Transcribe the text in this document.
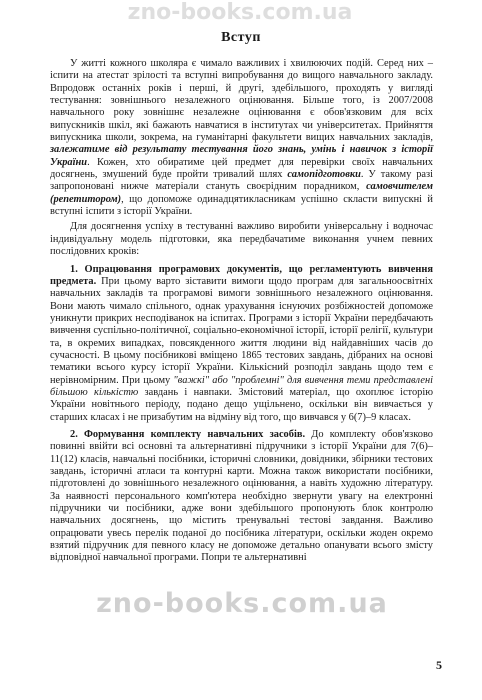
zno-books.com.ua
Вступ

У житті кожного школяра є чимало важливих і хвилюючих подій. Серед них – іспити на атестат зрілості та вступні випробування до вищого навчального закладу. Впродовж останніх років і перші, й другі, здебільшого, проходять у вигляді тестування: зовнішнього незалежного оцінювання. Більше того, із 2007/2008 навчального року зовнішнє незалежне оцінювання є обов'язковим для всіх випускників шкіл, які бажають навчатися в інститутах чи університетах. Прийняття випускника школи, зокрема, на гуманітарні факультети вищих навчальних закладів, залежатиме від результату тестування його знань, умінь і навичок з історії України. Кожен, хто обиратиме цей предмет для перевірки своїх навчальних досягнень, змушений буде пройти тривалий шлях самопідготовки. У такому разі запропоновані нижче матеріали стануть своєрідним порадником, самовчителем (репетитором), що допоможе одинадцятикласникам успішно скласти випускні й вступні іспити з історії України.

Для досягнення успіху в тестуванні важливо виробити універсальну і водночас індивідуальну модель підготовки, яка передбачатиме виконання учнем певних послідовних кроків:

1. Опрацювання програмових документів, що регламентують вивчення предмета. При цьому варто зіставити вимоги щодо програм для загальноосвітніх навчальних закладів та програмові вимоги зовнішнього незалежного оцінювання. Вони мають чимало спільного, однак урахування існуючих розбіжностей допоможе уникнути прикрих несподіванок на іспитах. Програми з історії України передбачають вивчення суспільно-політичної, соціально-економічної історії, історії релігії, культури та, в окремих випадках, повсякденного життя людини від найдавніших часів до сучасності. В цьому посібникові вміщено 1865 тестових завдань, дібраних на основі тематики всього курсу історії України. Кількісний розподіл завдань щодо тем є нерівномірним. При цьому "важкі" або "проблемні" для вивчення теми представлені більшою кількістю завдань і навпаки. Змістовий матеріал, що охоплює історію України новітнього періоду, подано дещо ущільнено, оскільки він вивчається у старших класах і не призабутим на відміну від того, що вивчався у 6(7)–9 класах.

2. Формування комплекту навчальних засобів. До комплекту обов'язково повинні ввійти всі основні та альтернативні підручники з історії України для 7(6)–11(12) класів, навчальні посібники, історичні словники, довідники, збірники тестових завдань, історичні атласи та контурні карти. Можна також використати посібники, підготовлені до зовнішнього незалежного оцінювання, а навіть художню літературу. За наявності персонального комп'ютера необхідно звернути увагу на електронні підручники чи посібники, адже вони здебільшого пропонують блок контролю навчальних досягнень, що містить тренувальні тестові завдання. Важливо опрацювати увесь перелік поданої до посібника літератури, оскільки жоден окремо взятий підручник для певного класу не допоможе детально опанувати всього змісту відповідної навчальної програми. Попри те альтернативні

zno-books.com.ua
5
